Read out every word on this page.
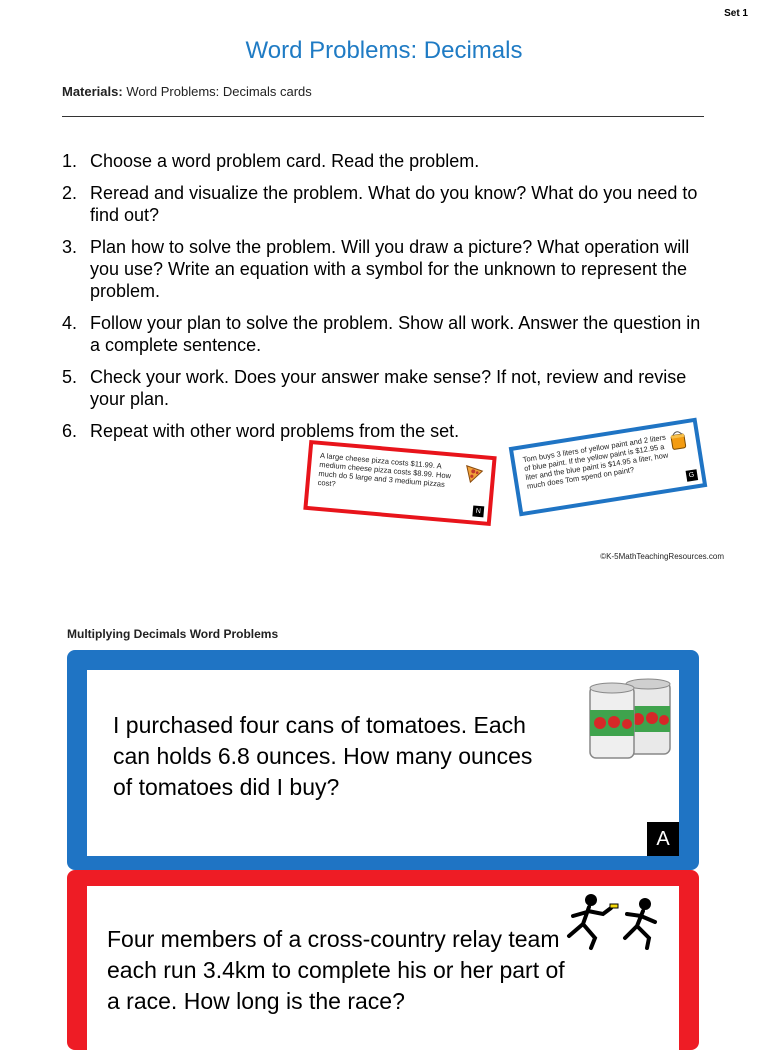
Set 1
Word Problems: Decimals
Materials: Word Problems: Decimals cards
1. Choose a word problem card. Read the problem.
2. Reread and visualize the problem. What do you know? What do you need to find out?
3. Plan how to solve the problem. Will you draw a picture? What operation will you use? Write an equation with a symbol for the unknown to represent the problem.
4. Follow your plan to solve the problem. Show all work. Answer the question in a complete sentence.
5. Check your work. Does your answer make sense? If not, review and revise your plan.
6. Repeat with other word problems from the set.
A large cheese pizza costs $11.99. A medium cheese pizza costs $8.99. How much do 5 large and 3 medium pizzas cost?
N
Tom buys 3 liters of yellow paint and 2 liters of blue paint. If the yellow paint is $12.95 a liter and the blue paint is $14.95 a liter, how much does Tom spend on paint?	G
©K-5MathTeachingResources.com
Multiplying Decimals Word Problems
I purchased four cans of tomatoes. Each can holds 6.8 ounces. How many ounces of tomatoes did I buy?
A
Four members of a cross-country relay team each run 3.4km to complete his or her part of a race. How long is the race?
